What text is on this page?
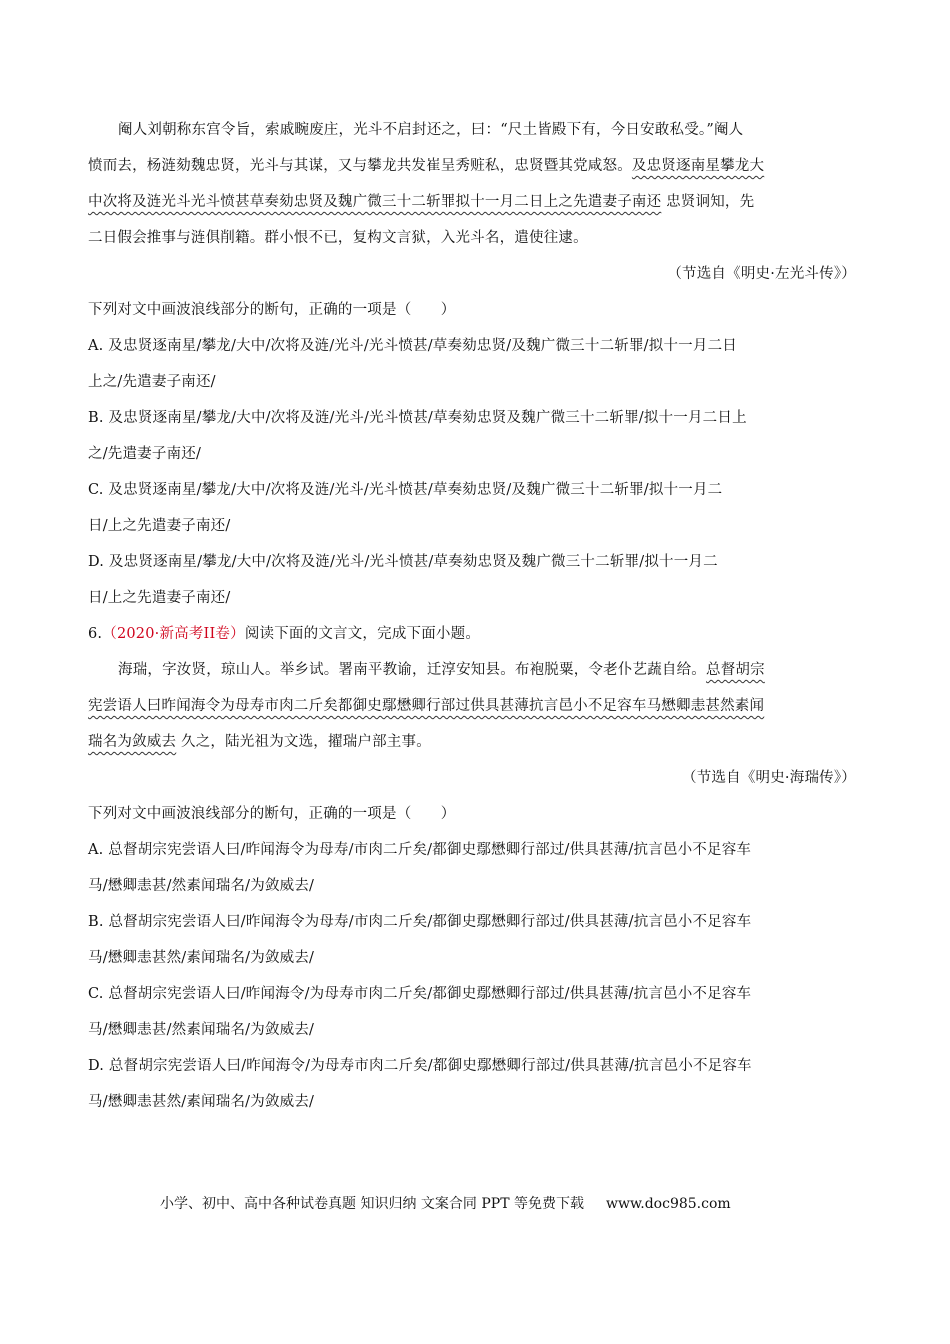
阉人刘朝称东宫令旨，索戚畹废庄，光斗不启封还之，曰：“尺土皆殿下有，今日安敢私受。”阉人
愤而去，杨涟劾魏忠贤，光斗与其谋，又与攀龙共发崔呈秀赃私，忠贤暨其党咸怒。及忠贤逐南星攀龙大
中次将及涟光斗光斗愤甚草奏劾忠贤及魏广微三十二斩罪拟十一月二日上之先遣妻子南还 忠贤诇知，先
二日假会推事与涟俱削籍。群小恨不已，复构文言狱，入光斗名，遣使往逮。
（节选自《明史·左光斗传》）
下列对文中画波浪线部分的断句，正确的一项是（　　）
A. 及忠贤逐南星/攀龙/大中/次将及涟/光斗/光斗愤甚/草奏劾忠贤/及魏广微三十二斩罪/拟十一月二日
上之/先遣妻子南还/
B. 及忠贤逐南星/攀龙/大中/次将及涟/光斗/光斗愤甚/草奏劾忠贤及魏广微三十二斩罪/拟十一月二日上
之/先遣妻子南还/
C. 及忠贤逐南星/攀龙/大中/次将及涟/光斗/光斗愤甚/草奏劾忠贤/及魏广微三十二斩罪/拟十一月二
日/上之先遣妻子南还/
D. 及忠贤逐南星/攀龙/大中/次将及涟/光斗/光斗愤甚/草奏劾忠贤及魏广微三十二斩罪/拟十一月二
日/上之先遣妻子南还/
6.（2020·新高考II卷）阅读下面的文言文，完成下面小题。
海瑞，字汝贤，琼山人。举乡试。署南平教谕，迁淳安知县。布袍脱粟，令老仆艺蔬自给。总督胡宗
宪尝语人曰昨闻海令为母寿市肉二斤矣都御史鄢懋卿行部过供具甚薄抗言邑小不足容车马懋卿恚甚然素闻
瑞名为敛威去 久之，陆光祖为文选，擢瑞户部主事。
（节选自《明史·海瑞传》）
下列对文中画波浪线部分的断句，正确的一项是（　　）
A. 总督胡宗宪尝语人曰/昨闻海令为母寿/市肉二斤矣/都御史鄢懋卿行部过/供具甚薄/抗言邑小不足容车
马/懋卿恚甚/然素闻瑞名/为敛威去/
B. 总督胡宗宪尝语人曰/昨闻海令为母寿/市肉二斤矣/都御史鄢懋卿行部过/供具甚薄/抗言邑小不足容车
马/懋卿恚甚然/素闻瑞名/为敛威去/
C. 总督胡宗宪尝语人曰/昨闻海令/为母寿市肉二斤矣/都御史鄢懋卿行部过/供具甚薄/抗言邑小不足容车
马/懋卿恚甚/然素闻瑞名/为敛威去/
D. 总督胡宗宪尝语人曰/昨闻海令/为母寿市肉二斤矣/都御史鄢懋卿行部过/供具甚薄/抗言邑小不足容车
马/懋卿恚甚然/素闻瑞名/为敛威去/
小学、初中、高中各种试卷真题 知识归纳 文案合同 PPT 等免费下载 www.doc985.com
